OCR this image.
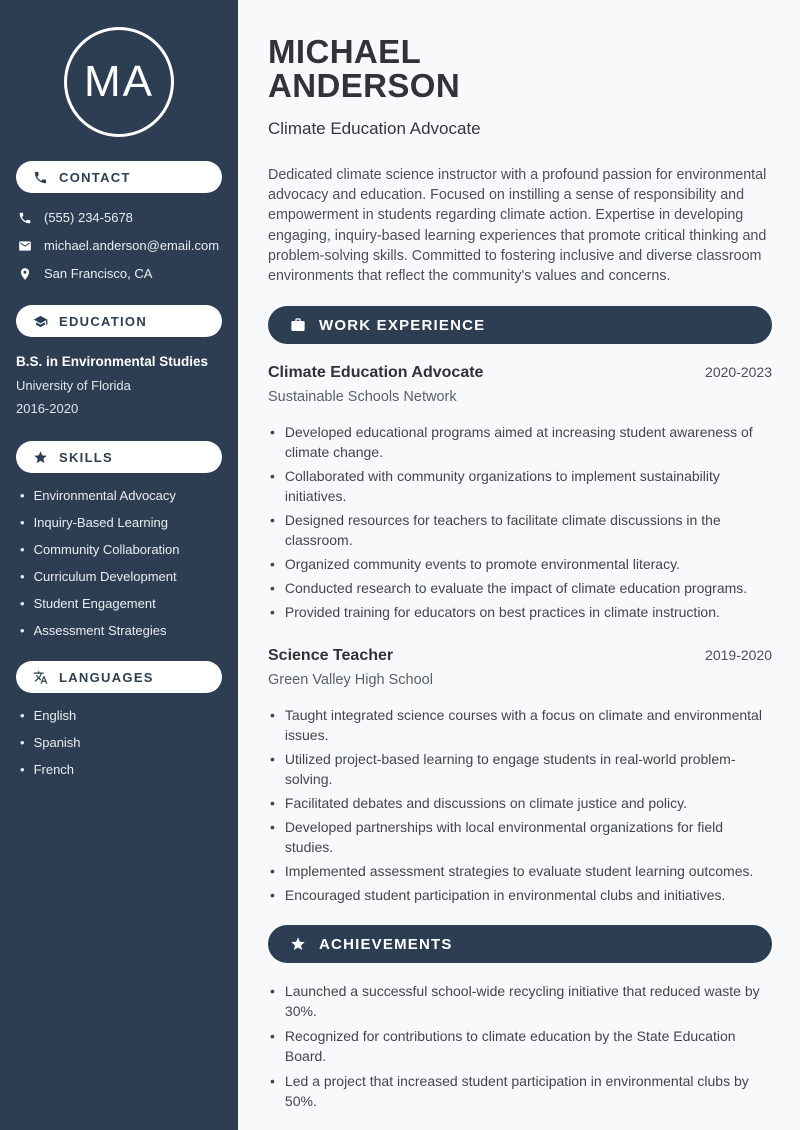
MA
CONTACT
(555) 234-5678
michael.anderson@email.com
San Francisco, CA
EDUCATION
B.S. in Environmental Studies
University of Florida
2016-2020
SKILLS
• Environmental Advocacy
• Inquiry-Based Learning
• Community Collaboration
• Curriculum Development
• Student Engagement
• Assessment Strategies
LANGUAGES
• English
• Spanish
• French
MICHAEL
ANDERSON
Climate Education Advocate

Dedicated climate science instructor with a profound passion for environmental advocacy and education. Focused on instilling a sense of responsibility and empowerment in students regarding climate action. Expertise in developing engaging, inquiry-based learning experiences that promote critical thinking and problem-solving skills. Committed to fostering inclusive and diverse classroom environments that reflect the community's values and concerns.

WORK EXPERIENCE
Climate Education Advocate	2020-2023
Sustainable Schools Network
• Developed educational programs aimed at increasing student awareness of climate change.
• Collaborated with community organizations to implement sustainability initiatives.
• Designed resources for teachers to facilitate climate discussions in the classroom.
• Organized community events to promote environmental literacy.
• Conducted research to evaluate the impact of climate education programs.
• Provided training for educators on best practices in climate instruction.
Science Teacher	2019-2020
Green Valley High School
• Taught integrated science courses with a focus on climate and environmental issues.
• Utilized project-based learning to engage students in real-world problem-solving.
• Facilitated debates and discussions on climate justice and policy.
• Developed partnerships with local environmental organizations for field studies.
• Implemented assessment strategies to evaluate student learning outcomes.
• Encouraged student participation in environmental clubs and initiatives.
ACHIEVEMENTS
• Launched a successful school-wide recycling initiative that reduced waste by 30%.
• Recognized for contributions to climate education by the State Education Board.
• Led a project that increased student participation in environmental clubs by 50%.
